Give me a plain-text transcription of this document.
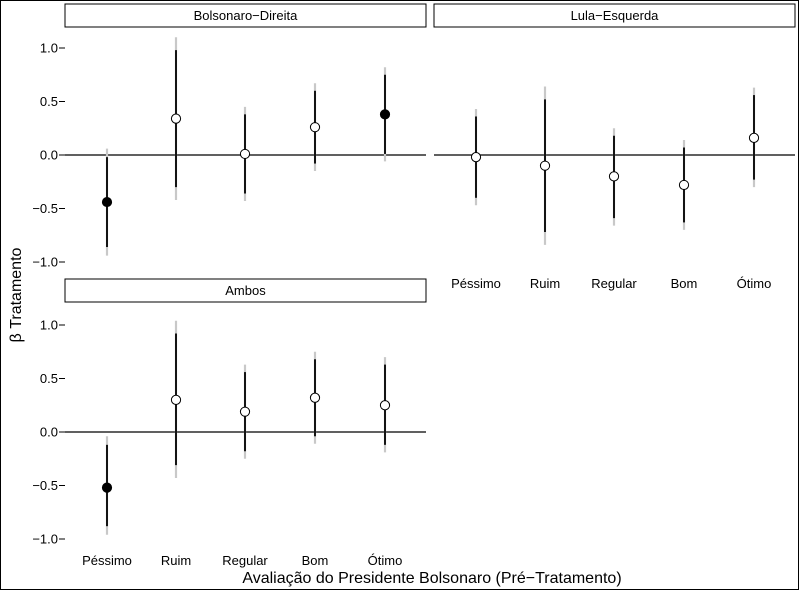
Bolsonaro−Direita	Lula−Esquerda
Ambos
β Tratamento
Avaliação do Presidente Bolsonaro (Pré−Tratamento)
−1.0
−0.5
0.0
0.5
1.0
−1.0
−0.5
0.0
0.5
1.0
Péssimo Ruim Regular	Bom	Ótimo
Péssimo Ruim Regular	Bom	Ótimo
